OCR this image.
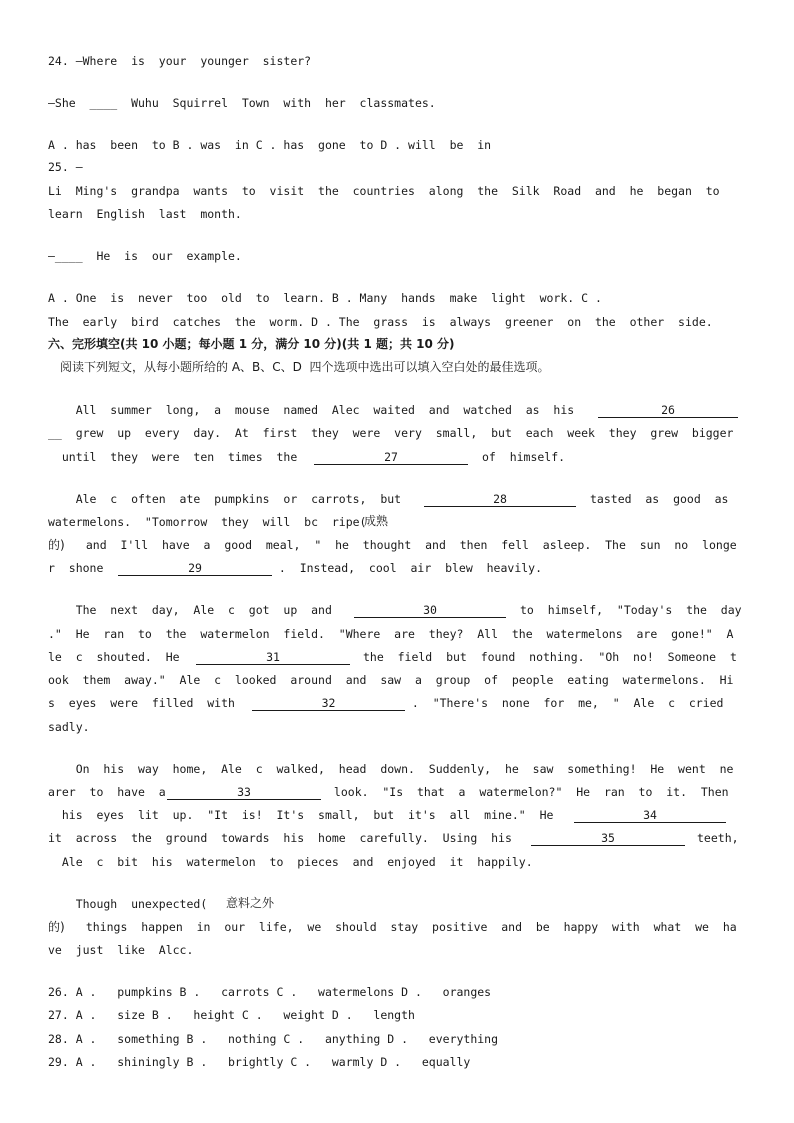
六、完形填空(共 10 小题；每小题 1 分，满分 10 分)(共 1 题；共 10 分)
阅读下列短文，从每小题所给的 A、B、C、D  四个选项中选出可以填入空白处的最佳选项。
成熟
的)
意料之外
的)
24. —Where  is  your  younger  sister?
—She  ____  Wuhu  Squirrel  Town  with  her  classmates.
A . has  been  to B . was  in C . has  gone  to D . will  be  in
25. —
Li  Ming's  grandpa  wants  to  visit  the  countries  along  the  Silk  Road  and  he  began  to
learn  English  last  month.
—____  He  is  our  example.
A . One  is  never  too  old  to  learn. B . Many  hands  make  light  work. C .
The  early  bird  catches  the  worm. D . The  grass  is  always  greener  on  the  other  side.
All  summer  long,  a  mouse  named  Alec  waited  and  watched  as  his
__  grew  up  every  day.  At  first  they  were  very  small,  but  each  week  they  grew  bigger
until  they  were  ten  times  the	of  himself.
Ale  c  often  ate  pumpkins  or  carrots,  but	tasted  as  good  as
watermelons.  "Tomorrow  they  will  bc  ripe(
and  I'll  have  a  good  meal,  "  he  thought  and  then  fell  asleep.  The  sun  no  longe
r  shone	.  Instead,  cool  air  blew  heavily.
The  next  day,  Ale  c  got  up  and	to  himself,  "Today's  the  day
."  He  ran  to  the  watermelon  field.  "Where  are  they?  All  the  watermelons  are  gone!"  A
le  c  shouted.  He	the  field  but  found  nothing.  "Oh  no!  Someone  t
ook  them  away."  Ale  c  looked  around  and  saw  a  group  of  people  eating  watermelons.  Hi
s  eyes  were  filled  with	.  "There's  none  for  me,  "  Ale  c  cried
sadly.
On  his  way  home,  Ale  c  walked,  head  down.  Suddenly,  he  saw  something!  He  went  ne
arer  to  have  a	look.  "Is  that  a  watermelon?"  He  ran  to  it.  Then
his  eyes  lit  up.  "It  is!  It's  small,  but  it's  all  mine."  He
it  across  the  ground  towards  his  home  carefully.  Using  his	teeth,
Ale  c  bit  his  watermelon  to  pieces  and  enjoyed  it  happily.
Though  unexpected(
things  happen  in  our  life,  we  should  stay  positive  and  be  happy  with  what  we  ha
ve  just  like  Alcc.
26. A .   pumpkins B .   carrots C .   watermelons D .   oranges
27. A .   size B .   height C .   weight D .   length
28. A .   something B .   nothing C .   anything D .   everything
29. A .   shiningly B .   brightly C .   warmly D .   equally
26
27
28
29
30
31
32
33
34
35
